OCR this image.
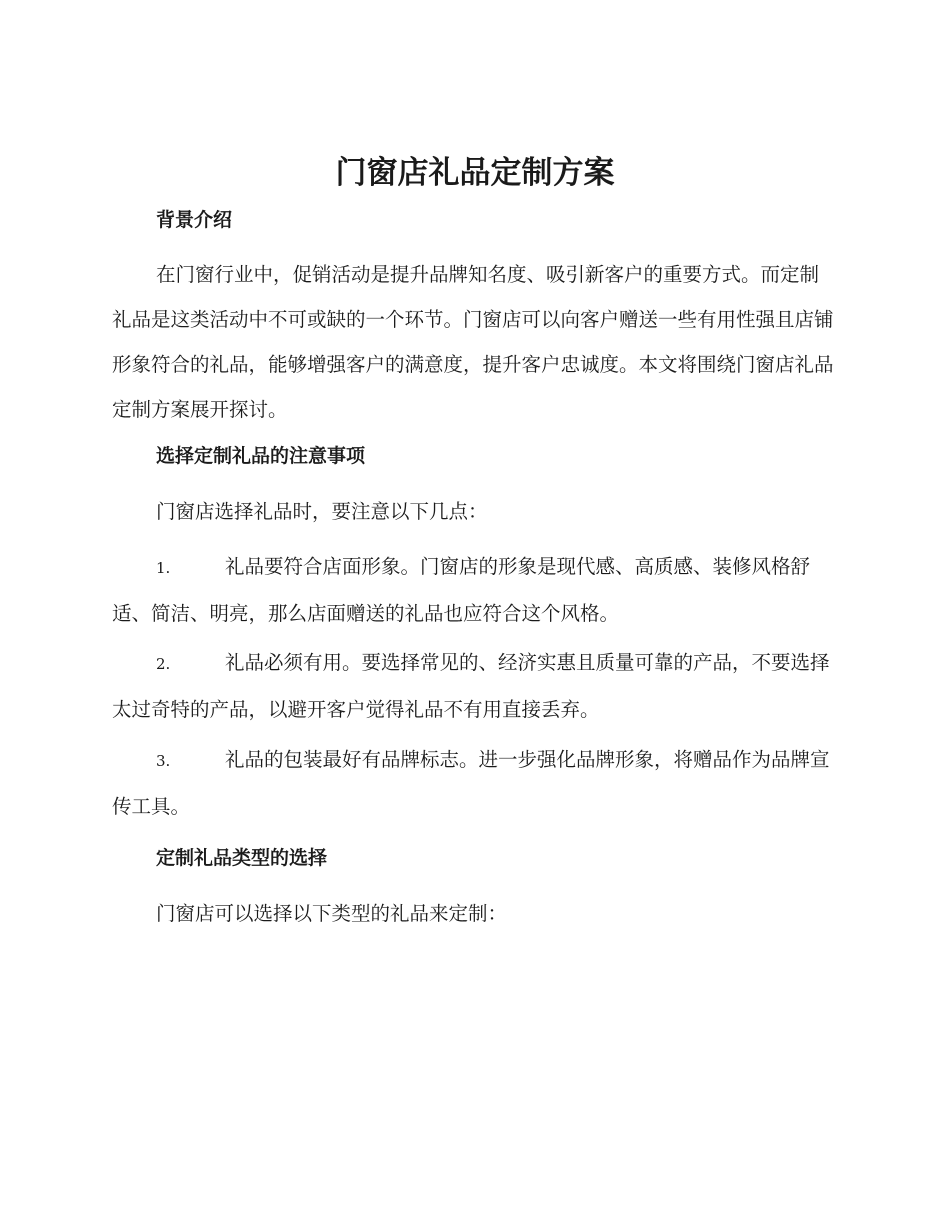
门窗店礼品定制方案
背景介绍

在门窗行业中，促销活动是提升品牌知名度、吸引新客户的重要方式。而定制礼品是这类活动中不可或缺的一个环节。门窗店可以向客户赠送一些有用性强且店铺形象符合的礼品，能够增强客户的满意度，提升客户忠诚度。本文将围绕门窗店礼品定制方案展开探讨。

选择定制礼品的注意事项

门窗店选择礼品时，要注意以下几点：

1.	礼品要符合店面形象。门窗店的形象是现代感、高质感、装修风格舒适、简洁、明亮，那么店面赠送的礼品也应符合这个风格。
2.	礼品必须有用。要选择常见的、经济实惠且质量可靠的产品，不要选择太过奇特的产品，以避开客户觉得礼品不有用直接丢弃。
3.	礼品的包装最好有品牌标志。进一步强化品牌形象，将赠品作为品牌宣传工具。
定制礼品类型的选择

门窗店可以选择以下类型的礼品来定制：
